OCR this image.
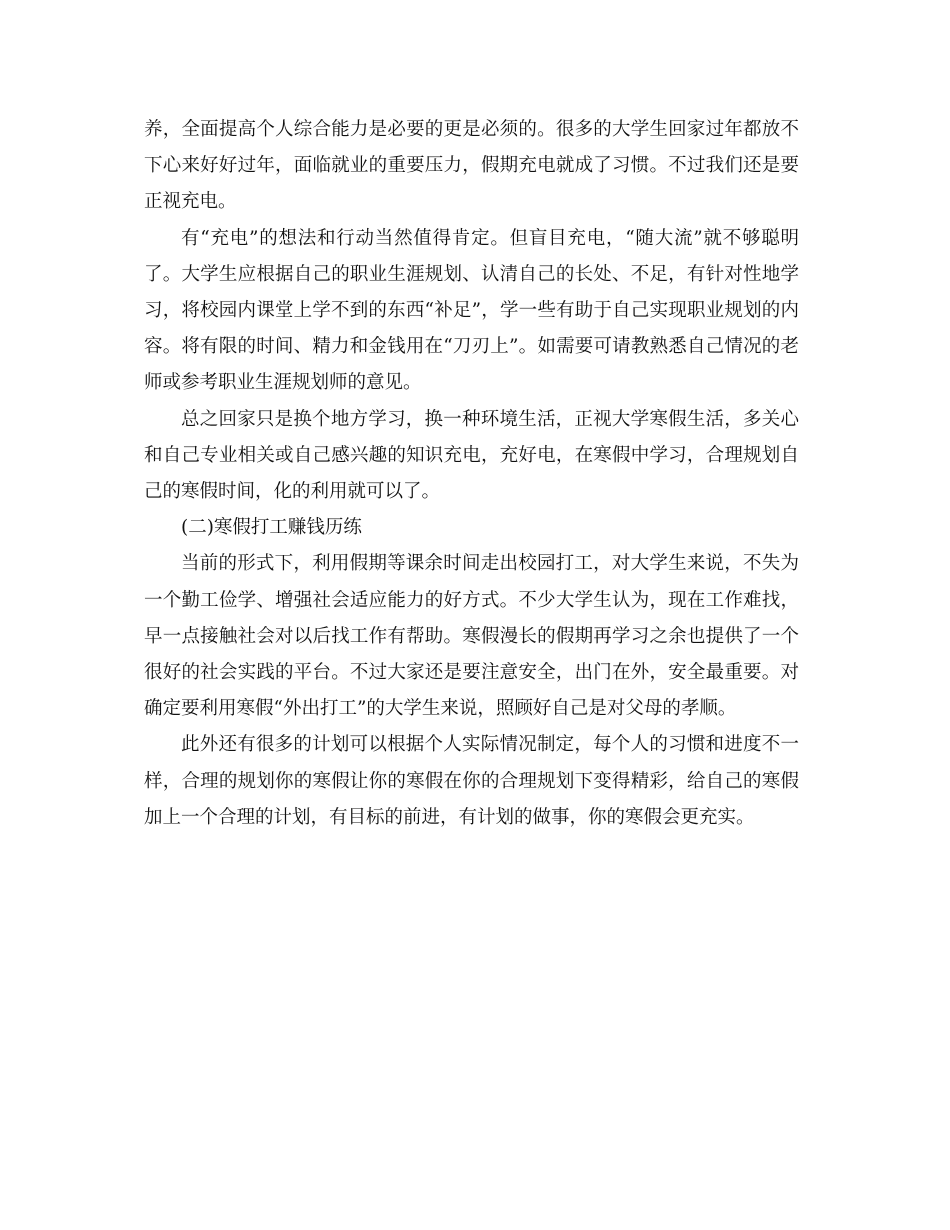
养，全面提高个人综合能力是必要的更是必须的。很多的大学生回家过年都放不下心来好好过年，面临就业的重要压力，假期充电就成了习惯。不过我们还是要正视充电。

有“充电”的想法和行动当然值得肯定。但盲目充电，“随大流”就不够聪明了。大学生应根据自己的职业生涯规划、认清自己的长处、不足，有针对性地学习，将校园内课堂上学不到的东西“补足”，学一些有助于自己实现职业规划的内容。将有限的时间、精力和金钱用在“刀刃上”。如需要可请教熟悉自己情况的老师或参考职业生涯规划师的意见。

总之回家只是换个地方学习，换一种环境生活，正视大学寒假生活，多关心和自己专业相关或自己感兴趣的知识充电，充好电，在寒假中学习，合理规划自己的寒假时间，化的利用就可以了。

(二)寒假打工赚钱历练

当前的形式下，利用假期等课余时间走出校园打工，对大学生来说，不失为一个勤工俭学、增强社会适应能力的好方式。不少大学生认为，现在工作难找，早一点接触社会对以后找工作有帮助。寒假漫长的假期再学习之余也提供了一个很好的社会实践的平台。不过大家还是要注意安全，出门在外，安全最重要。对确定要利用寒假“外出打工”的大学生来说，照顾好自己是对父母的孝顺。

此外还有很多的计划可以根据个人实际情况制定，每个人的习惯和进度不一样，合理的规划你的寒假让你的寒假在你的合理规划下变得精彩，给自己的寒假加上一个合理的计划，有目标的前进，有计划的做事，你的寒假会更充实。
